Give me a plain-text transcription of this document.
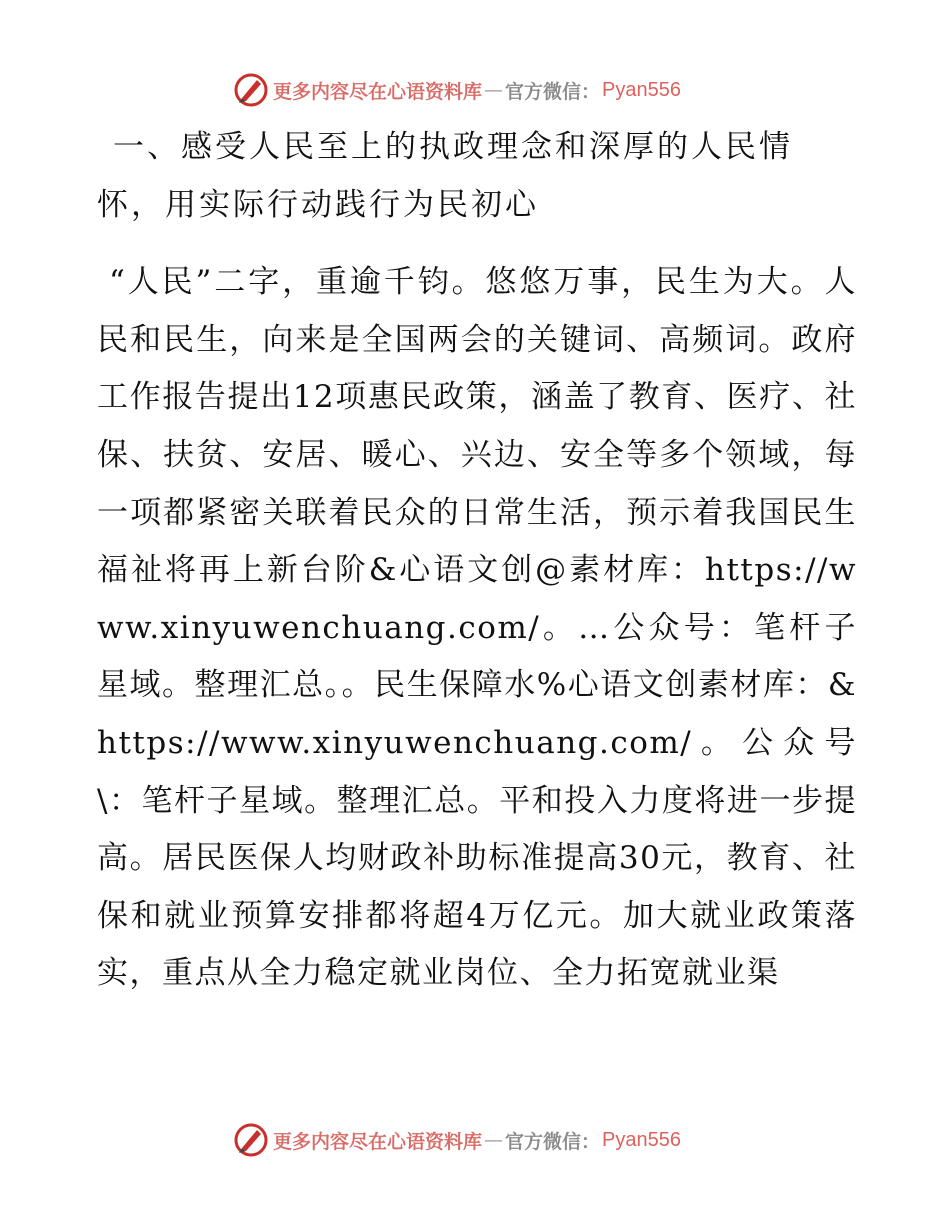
更多内容尽在心语资料库 — 官方微信： Pyan556
一、感受人民至上的执政理念和深厚的人民情怀，用实际行动践行为民初心

“人民”二字，重逾千钧。悠悠万事，民生为大。人民和民生，向来是全国两会的关键词、高频词。政府工作报告提出12项惠民政策，涵盖了教育、医疗、社保、扶贫、安居、暖心、兴边、安全等多个领域，每一项都紧密关联着民众的日常生活，预示着我国民生福祉将再上新台阶&心语文创@素材库：https://www.xinyuwenchuang.com/。…公众号：笔杆子星域。整理汇总。。民生保障水%心语文创素材库：&https://www.xinyuwenchuang.com/。公众号\：笔杆子星域。整理汇总。平和投入力度将进一步提高。居民医保人均财政补助标准提高30元，教育、社保和就业预算安排都将超4万亿元。加大就业政策落实，重点从全力稳定就业岗位、全力拓宽就业渠

更多内容尽在心语资料库 — 官方微信： Pyan556
